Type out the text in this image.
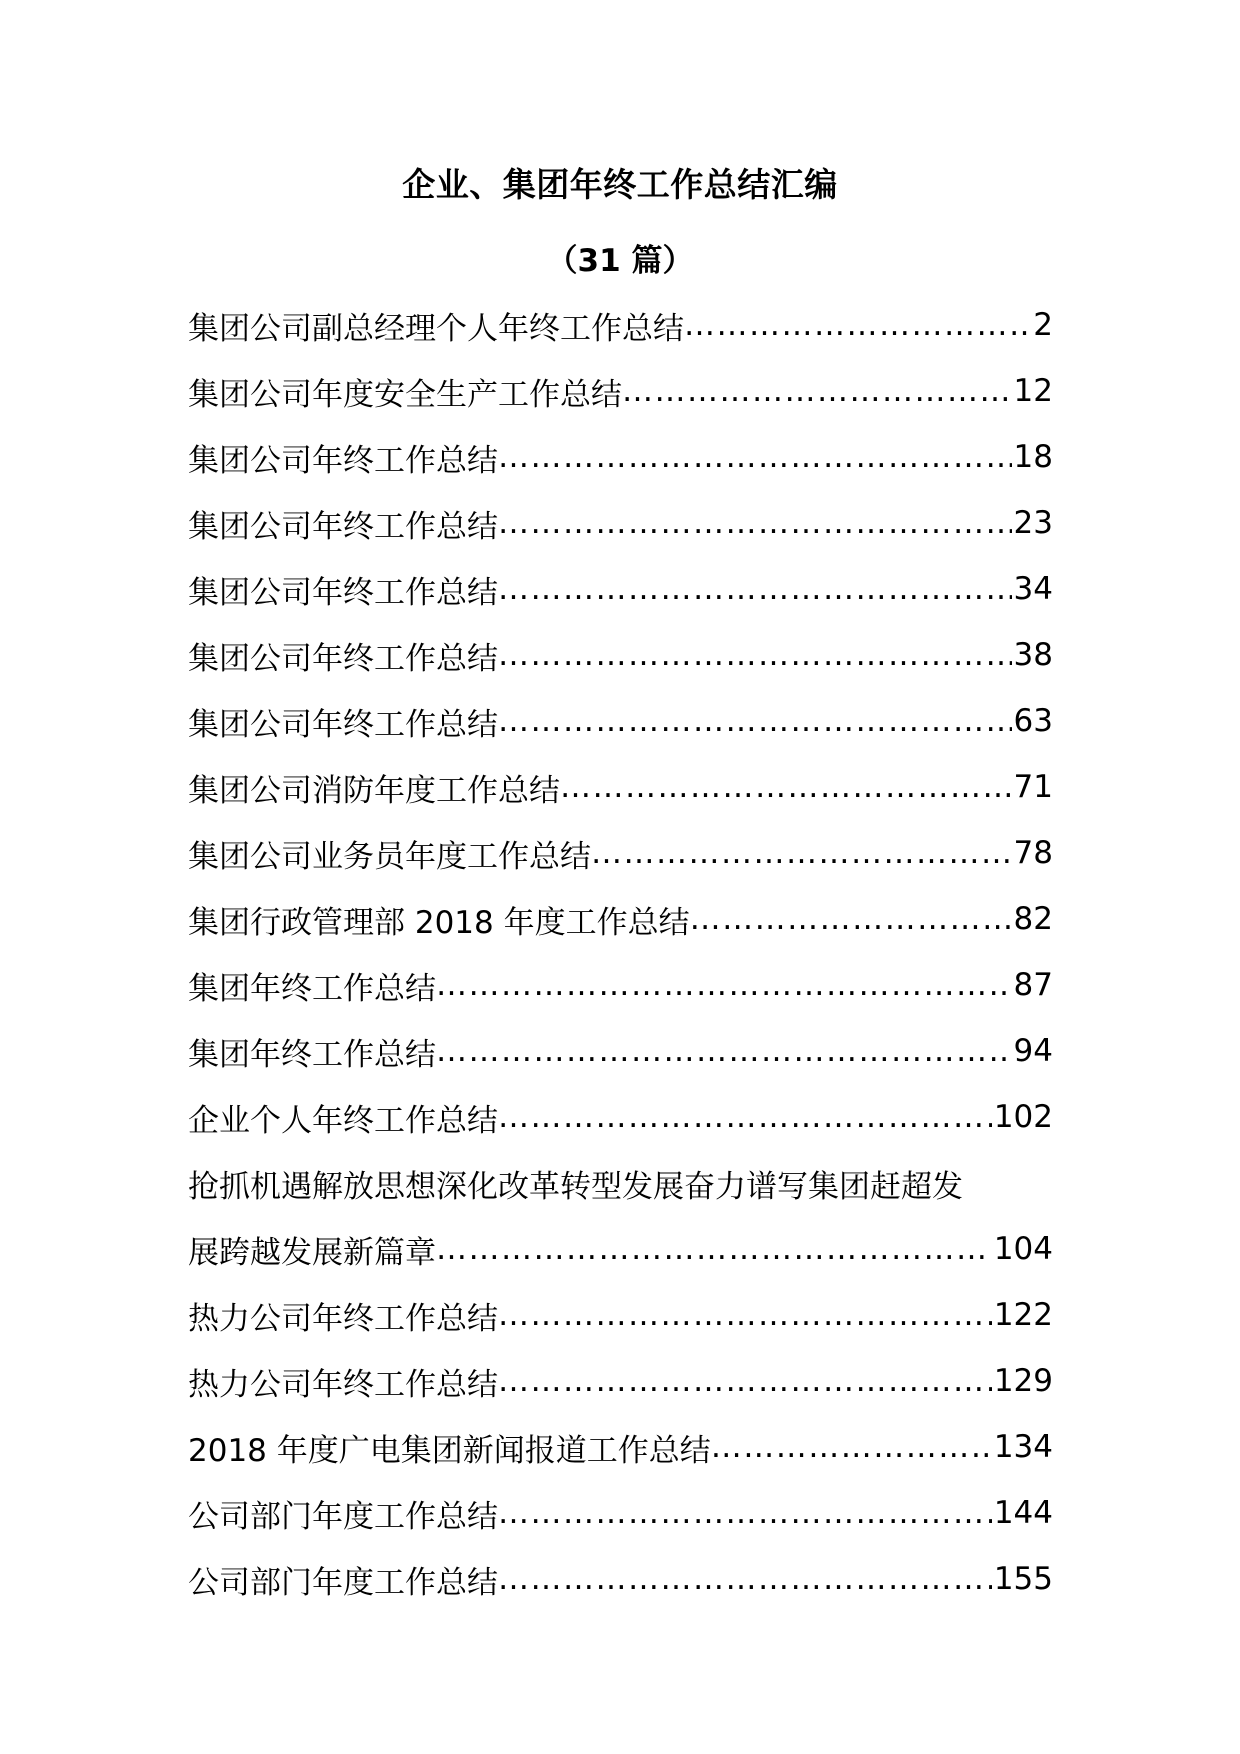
企业、集团年终工作总结汇编
（31 篇）
集团公司副总经理个人年终工作总结 ……………………………………………………………………………………………………………………………………	2
集团公司年度安全生产工作总结 ……………………………………………………………………………………………………………………………………	12
集团公司年终工作总结 ……………………………………………………………………………………………………………………………………	18
集团公司年终工作总结 ……………………………………………………………………………………………………………………………………	23
集团公司年终工作总结 ……………………………………………………………………………………………………………………………………	34
集团公司年终工作总结 ……………………………………………………………………………………………………………………………………	38
集团公司年终工作总结 ……………………………………………………………………………………………………………………………………	63
集团公司消防年度工作总结 ……………………………………………………………………………………………………………………………………	71
集团公司业务员年度工作总结 ……………………………………………………………………………………………………………………………………	78
集团行政管理部 2018 年度工作总结 ……………………………………………………………………………………………………………………………………	82
集团年终工作总结 ……………………………………………………………………………………………………………………………………	87
集团年终工作总结 ……………………………………………………………………………………………………………………………………	94
企业个人年终工作总结 ……………………………………………………………………………………………………………………………………	102
抢抓机遇解放思想深化改革转型发展奋力谱写集团赶超发
展跨越发展新篇章 ……………………………………………………………………………………………………………………………………	104
热力公司年终工作总结 ……………………………………………………………………………………………………………………………………	122
热力公司年终工作总结 ……………………………………………………………………………………………………………………………………	129
2018 年度广电集团新闻报道工作总结 ……………………………………………………………………………………………………………………………………	134
公司部门年度工作总结 ……………………………………………………………………………………………………………………………………	144
公司部门年度工作总结 ……………………………………………………………………………………………………………………………………	155
